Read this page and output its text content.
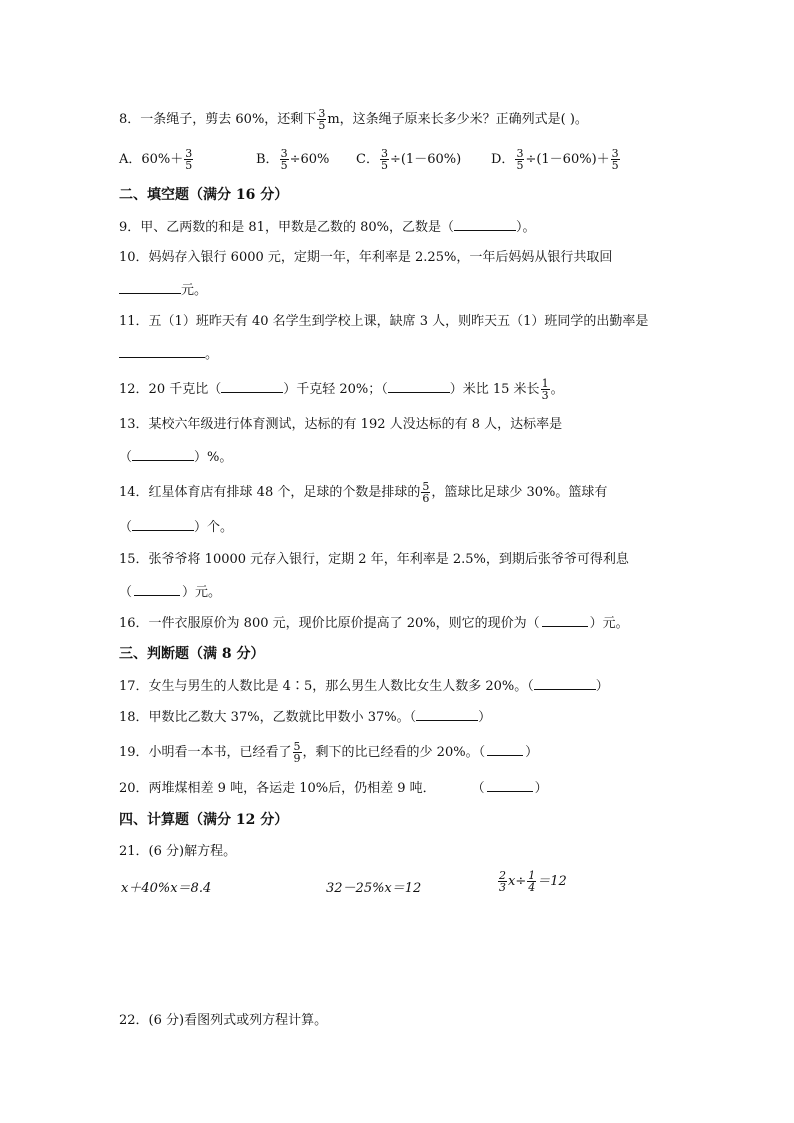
8．一条绳子，剪去 60%，还剩下 $\frac{3}{5}$ m，这条绳子原来长多少米？正确列式是( )。
A．$60\%+ \frac{3}{5}$	B． $\frac{3}{5} \div 60\%$ C． $\frac{3}{5} \div(1-60\%)$ D． $\frac{3}{5} \div(1-60\%)+ \frac{3}{5}$
二、填空题（满分 16 分）
9．甲、乙两数的和是 81，甲数是乙数的 80%，乙数是（	）。
10．妈妈存入银行 6000 元，定期一年，年利率是 2.25%，一年后妈妈从银行共取回
元。
11．五（1）班昨天有 40 名学生到学校上课，缺席 3 人，则昨天五（1）班同学的出勤率是
。
12．20 千克比（	）千克轻 20%；（	）米比 15 米长 $\frac{1}{3}$ 。
13．某校六年级进行体育测试，达标的有 192 人没达标的有 8 人，达标率是
（	）%。
14．红星体育店有排球 48 个，足球的个数是排球的 $\frac{5}{6}$ ，篮球比足球少 30%。篮球有
（	）个。
15．张爷爷将 10000 元存入银行，定期 2 年，年利率是 2.5%，到期后张爷爷可得利息
（	）元。
16．一件衣服原价为 800 元，现价比原价提高了 20%，则它的现价为（	）元。
三、判断题（满 8 分）
17．女生与男生的人数比是 4∶5，那么男生人数比女生人数多 20%。（	）
18．甲数比乙数大 37%，乙数就比甲数小 37%。（	）
19．小明看一本书，已经看了 $\frac{5}{9}$ ，剩下的比已经看的少 20%。（	）
20．两堆煤相差 9 吨，各运走 10%后，仍相差 9 吨．	（	）
四、计算题（满分 12 分）
21．(6 分)解方程。
x＋40%x＝8.4	32－25%x＝12	$\frac{2}{3} x\div \frac{1}{4} =12$
22．(6 分)看图列式或列方程计算。
